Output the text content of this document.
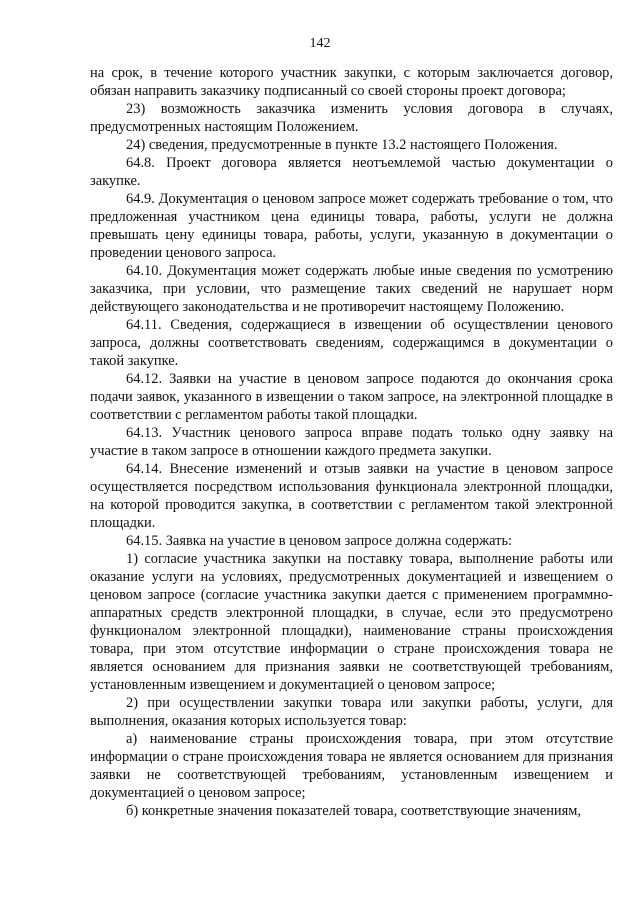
142

на срок, в течение которого участник закупки, с которым заключается договор, обязан направить заказчику подписанный со своей стороны проект договора;

23) возможность заказчика изменить условия договора в случаях, предусмотренных настоящим Положением.

24) сведения, предусмотренные в пункте 13.2 настоящего Положения.

64.8. Проект договора является неотъемлемой частью документации о закупке.

64.9. Документация о ценовом запросе может содержать требование о том, что предложенная участником цена единицы товара, работы, услуги не должна превышать цену единицы товара, работы, услуги, указанную в документации о проведении ценового запроса.

64.10. Документация может содержать любые иные сведения по усмотрению заказчика, при условии, что размещение таких сведений не нарушает норм действующего законодательства и не противоречит настоящему Положению.

64.11. Сведения, содержащиеся в извещении об осуществлении ценового запроса, должны соответствовать сведениям, содержащимся в документации о такой закупке.

64.12. Заявки на участие в ценовом запросе подаются до окончания срока подачи заявок, указанного в извещении о таком запросе, на электронной площадке в соответствии с регламентом работы такой площадки.

64.13. Участник ценового запроса вправе подать только одну заявку на участие в таком запросе в отношении каждого предмета закупки.

64.14. Внесение изменений и отзыв заявки на участие в ценовом запросе осуществляется посредством использования функционала электронной площадки, на которой проводится закупка, в соответствии с регламентом такой электронной площадки.

64.15. Заявка на участие в ценовом запросе должна содержать:

1) согласие участника закупки на поставку товара, выполнение работы или оказание услуги на условиях, предусмотренных документацией и извещением о ценовом запросе (согласие участника закупки дается с применением программно-аппаратных средств электронной площадки, в случае, если это предусмотрено функционалом электронной площадки), наименование страны происхождения товара, при этом отсутствие информации о стране происхождения товара не является основанием для признания заявки не соответствующей требованиям, установленным извещением и документацией о ценовом запросе;

2) при осуществлении закупки товара или закупки работы, услуги, для выполнения, оказания которых используется товар:

а) наименование страны происхождения товара, при этом отсутствие информации о стране происхождения товара не является основанием для признания заявки не соответствующей требованиям, установленным извещением и документацией о ценовом запросе;

б) конкретные значения показателей товара, соответствующие значениям,
